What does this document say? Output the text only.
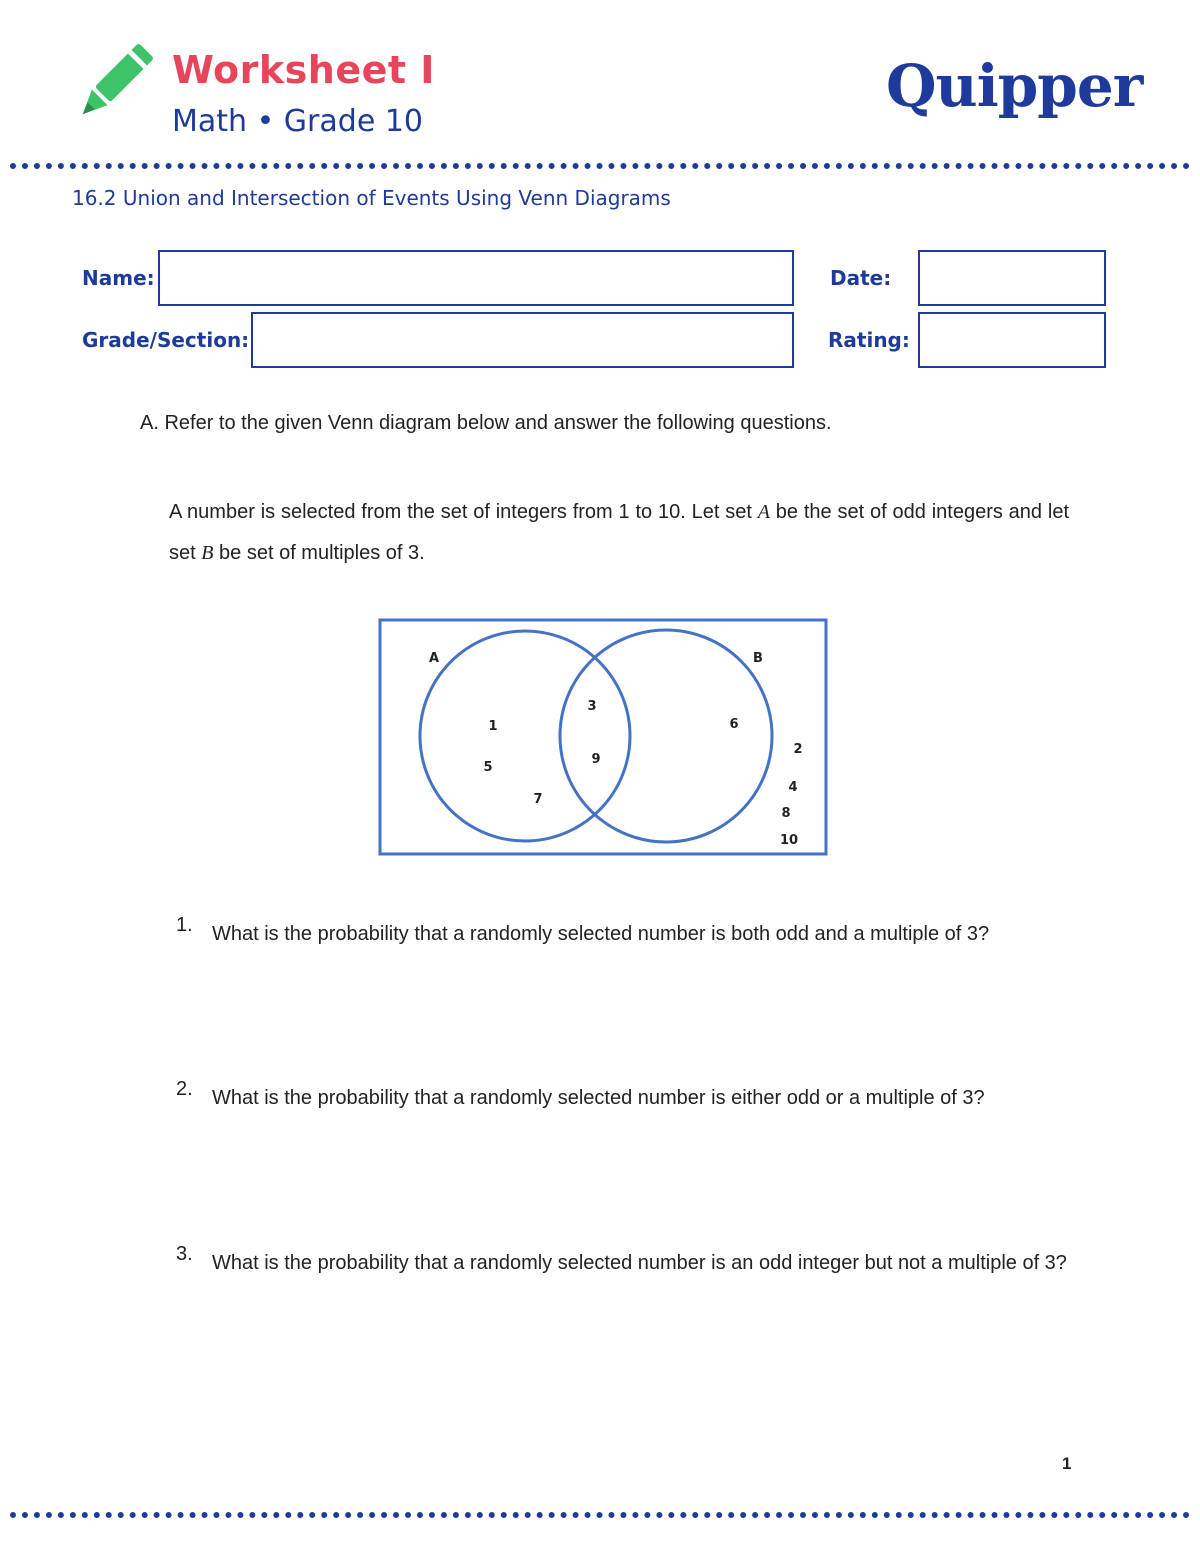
Worksheet I
Math • Grade 10
Quipper
16.2 Union and Intersection of Events Using Venn Diagrams
Name:	Date:
Grade/Section:	Rating:
A. Refer to the given Venn diagram below and answer the following questions.
A number is selected from the set of integers from 1 to 10. Let set A be the set of odd integers and let set B be set of multiples of 3.
A	B
1
5
7
3
9
6
2
4
8
10
1. What is the probability that a randomly selected number is both odd and a multiple of 3?
2. What is the probability that a randomly selected number is either odd or a multiple of 3?
3. What is the probability that a randomly selected number is an odd integer but not a multiple of 3?
1
